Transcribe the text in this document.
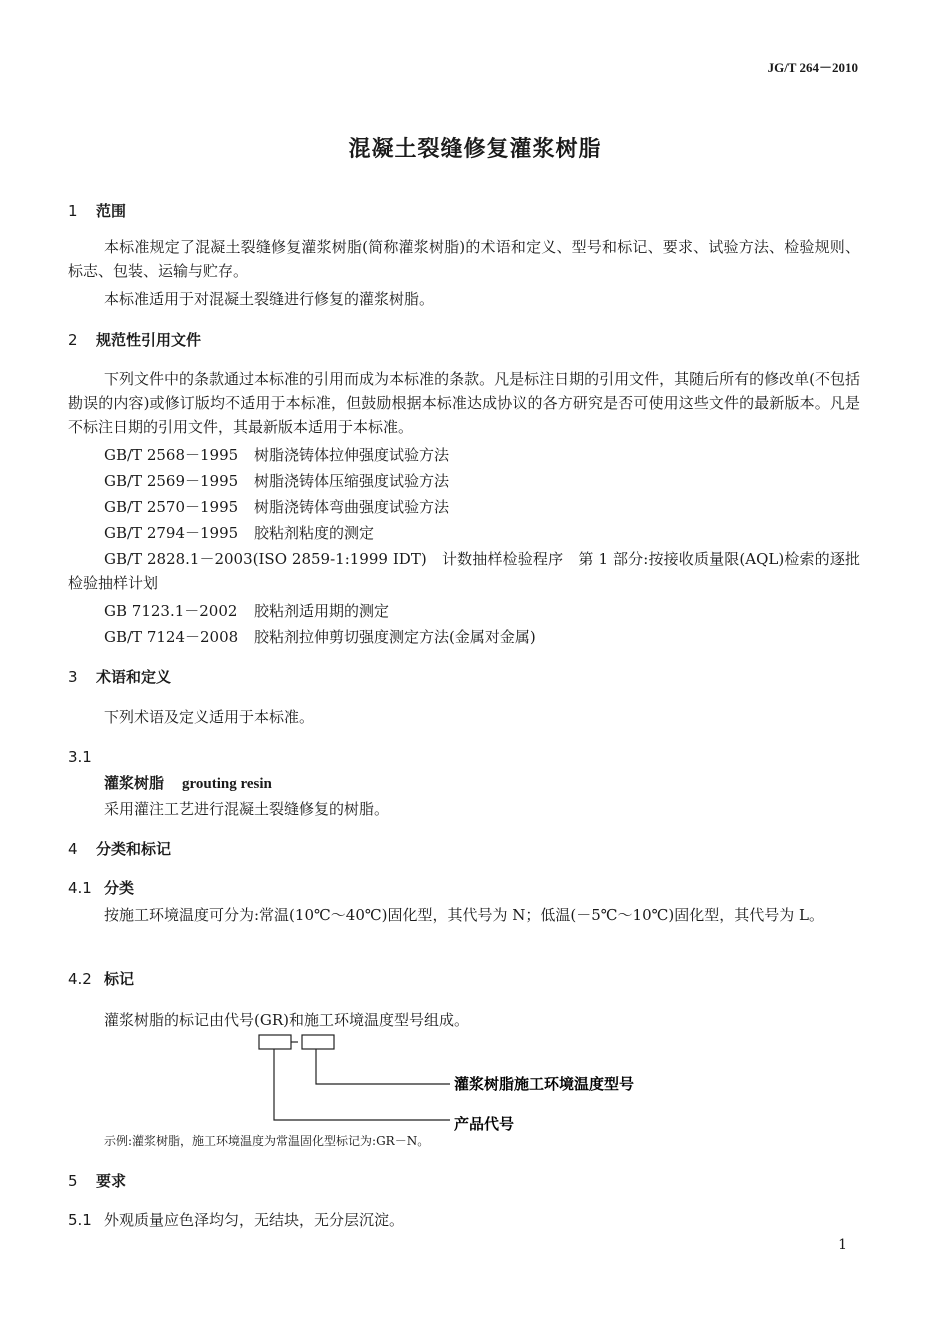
JG/T 264－2010
混凝土裂缝修复灌浆树脂
1 范围
本标准规定了混凝土裂缝修复灌浆树脂(简称灌浆树脂)的术语和定义、型号和标记、要求、试验方法、检验规则、标志、包装、运输与贮存。
本标准适用于对混凝土裂缝进行修复的灌浆树脂。
2 规范性引用文件
下列文件中的条款通过本标准的引用而成为本标准的条款。凡是标注日期的引用文件，其随后所有的修改单(不包括勘误的内容)或修订版均不适用于本标准，但鼓励根据本标准达成协议的各方研究是否可使用这些文件的最新版本。凡是不标注日期的引用文件，其最新版本适用于本标准。
GB/T 2568－1995 树脂浇铸体拉伸强度试验方法
GB/T 2569－1995 树脂浇铸体压缩强度试验方法
GB/T 2570－1995 树脂浇铸体弯曲强度试验方法
GB/T 2794－1995 胶粘剂粘度的测定
GB/T 2828.1－2003(ISO 2859-1:1999 IDT)　计数抽样检验程序　第 1 部分:按接收质量限(AQL)检索的逐批检验抽样计划
GB 7123.1－2002 胶粘剂适用期的测定
GB/T 7124－2008 胶粘剂拉伸剪切强度测定方法(金属对金属)
3 术语和定义
下列术语及定义适用于本标准。
3.1
灌浆树脂 grouting resin
采用灌注工艺进行混凝土裂缝修复的树脂。
4 分类和标记
4.1 分类
按施工环境温度可分为:常温(10℃～40℃)固化型，其代号为 N；低温(－5℃～10℃)固化型，其代号为 L。
4.2 标记
灌浆树脂的标记由代号(GR)和施工环境温度型号组成。
灌浆树脂施工环境温度型号
产品代号
示例:灌浆树脂，施工环境温度为常温固化型标记为:GR－N。
5 要求
5.1 外观质量应色泽均匀，无结块，无分层沉淀。
1
